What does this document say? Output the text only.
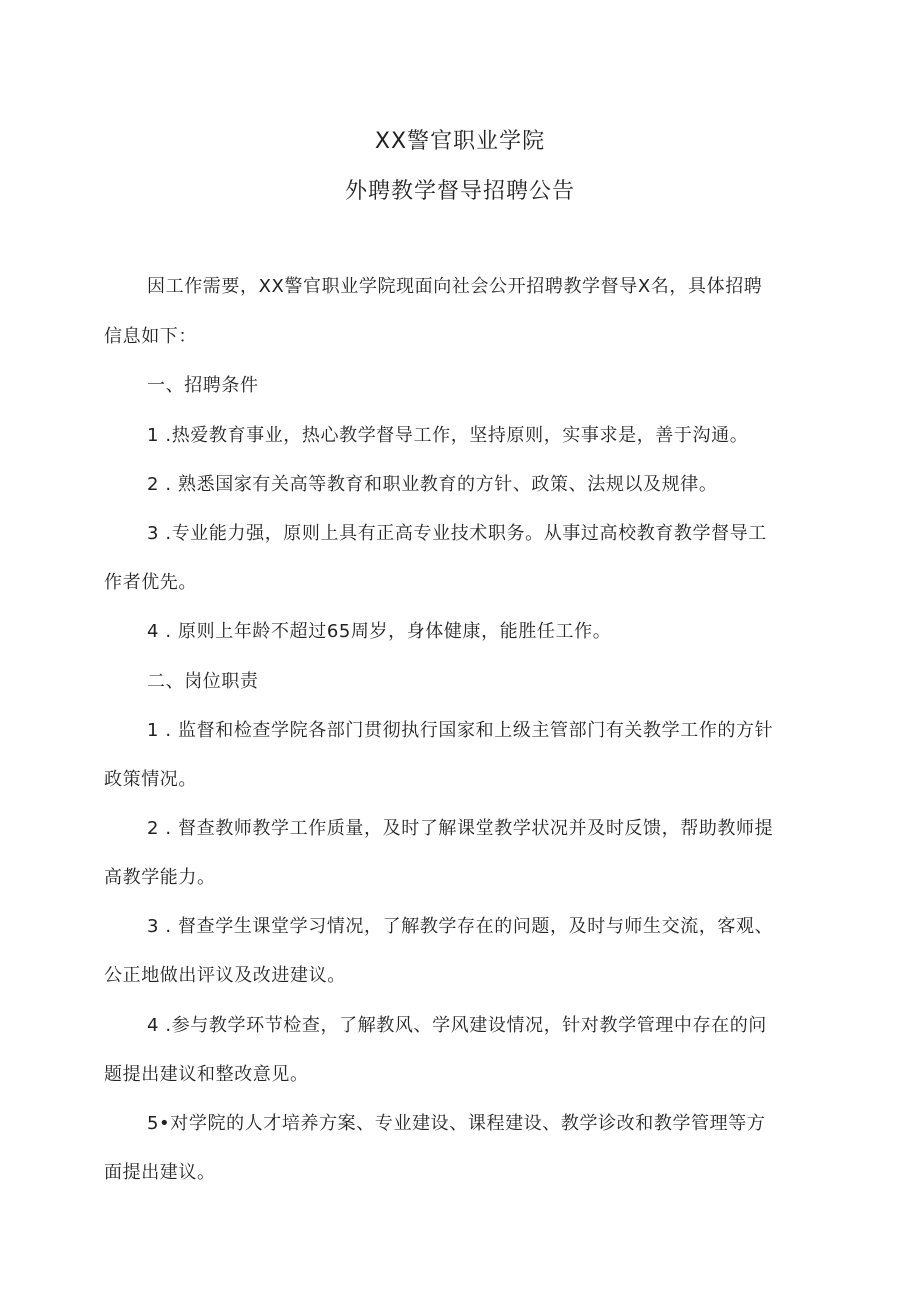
XX警官职业学院
外聘教学督导招聘公告
因工作需要，XX警官职业学院现面向社会公开招聘教学督导X名，具体招聘
信息如下：
一、招聘条件
1 .热爱教育事业，热心教学督导工作，坚持原则，实事求是，善于沟通。
2 . 熟悉国家有关高等教育和职业教育的方针、政策、法规以及规律。
3 .专业能力强，原则上具有正高专业技术职务。从事过高校教育教学督导工
作者优先。
4 . 原则上年龄不超过65周岁，身体健康，能胜任工作。
二、岗位职责
1 . 监督和检查学院各部门贯彻执行国家和上级主管部门有关教学工作的方针
政策情况。
2 . 督查教师教学工作质量，及时了解课堂教学状况并及时反馈，帮助教师提
高教学能力。
3 . 督查学生课堂学习情况，了解教学存在的问题，及时与师生交流，客观、
公正地做出评议及改进建议。
4 .参与教学环节检查，了解教风、学风建设情况，针对教学管理中存在的问
题提出建议和整改意见。
5•对学院的人才培养方案、专业建设、课程建设、教学诊改和教学管理等方
面提出建议。
